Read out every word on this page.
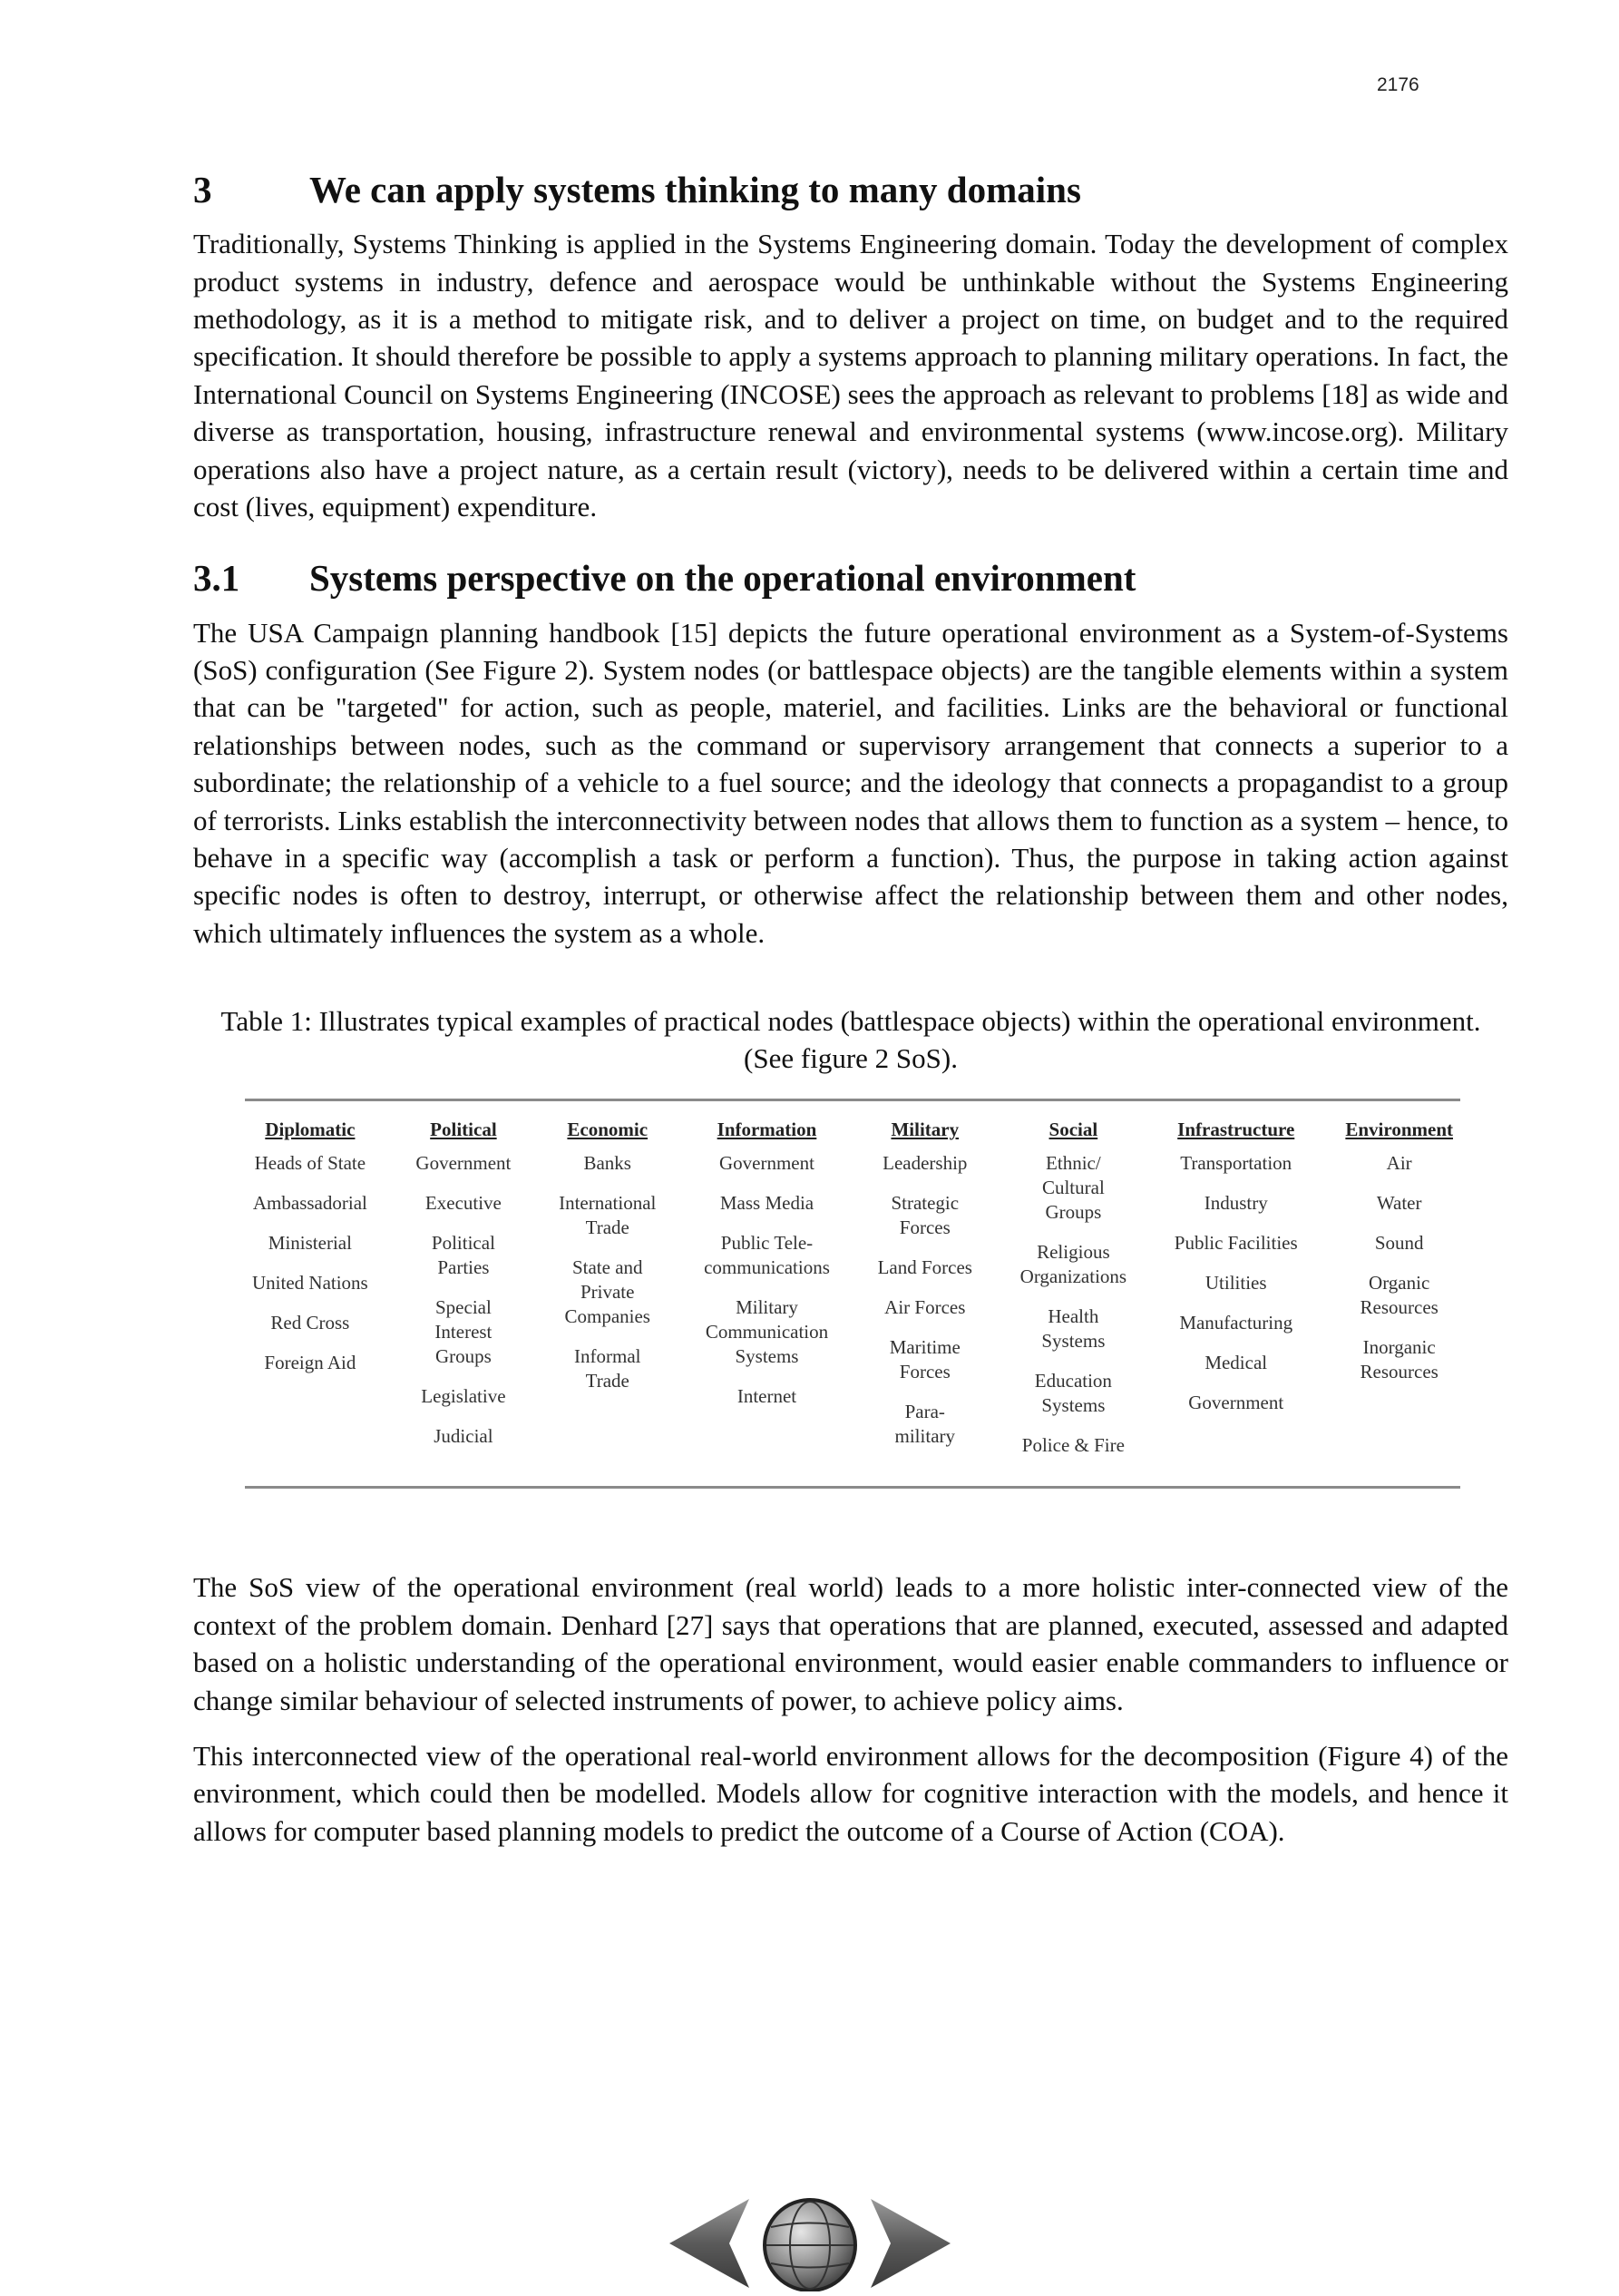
2176
3	We can apply systems thinking to many domains

Traditionally, Systems Thinking is applied in the Systems Engineering domain. Today the development of complex product systems in industry, defence and aerospace would be unthinkable without the Systems Engineering methodology, as it is a method to mitigate risk, and to deliver a project on time, on budget and to the required specification. It should therefore be possible to apply a systems approach to planning military operations. In fact, the International Council on Systems Engineering (INCOSE) sees the approach as relevant to problems [18] as wide and diverse as transportation, housing, infrastructure renewal and environmental systems (www.incose.org). Military operations also have a project nature, as a certain result (victory), needs to be delivered within a certain time and cost (lives, equipment) expenditure.

3.1	Systems perspective on the operational environment

The USA Campaign planning handbook [15] depicts the future operational environment as a System-of-Systems (SoS) configuration (See Figure 2). System nodes (or battlespace objects) are the tangible elements within a system that can be "targeted" for action, such as people, materiel, and facilities. Links are the behavioral or functional relationships between nodes, such as the command or supervisory arrangement that connects a superior to a subordinate; the relationship of a vehicle to a fuel source; and the ideology that connects a propagandist to a group of terrorists. Links establish the interconnectivity between nodes that allows them to function as a system – hence, to behave in a specific way (accomplish a task or perform a function). Thus, the purpose in taking action against specific nodes is often to destroy, interrupt, or otherwise affect the relationship between them and other nodes, which ultimately influences the system as a whole.

Table 1: Illustrates typical examples of practical nodes (battlespace objects) within the operational environment. (See figure 2 SoS).
Diplomatic
Heads of State
Ambassadorial
Ministerial
United Nations
Red Cross
Foreign Aid
Political
Government
Executive
Political
Parties
Special
Interest
Groups
Legislative
Judicial
Economic
Banks
International
Trade
State and
Private
Companies
Informal
Trade
Information
Government
Mass Media
Public Tele-
communications
Military
Communication
Systems
Internet
Military
Leadership
Strategic
Forces
Land Forces
Air Forces
Maritime
Forces
Para-
military
Social
Ethnic/
Cultural
Groups
Religious
Organizations
Health
Systems
Education
Systems
Police & Fire
Infrastructure
Transportation
Industry
Public Facilities
Utilities
Manufacturing
Medical
Government
Environment
Air
Water
Sound
Organic
Resources
Inorganic
Resources

The SoS view of the operational environment (real world) leads to a more holistic inter-connected view of the context of the problem domain. Denhard [27] says that operations that are planned, executed, assessed and adapted based on a holistic understanding of the operational environment, would easier enable commanders to influence or change similar behaviour of selected instruments of power, to achieve policy aims.

This interconnected view of the operational real-world environment allows for the decomposition (Figure 4) of the environment, which could then be modelled. Models allow for cognitive interaction with the models, and hence it allows for computer based planning models to predict the outcome of a Course of Action (COA).
